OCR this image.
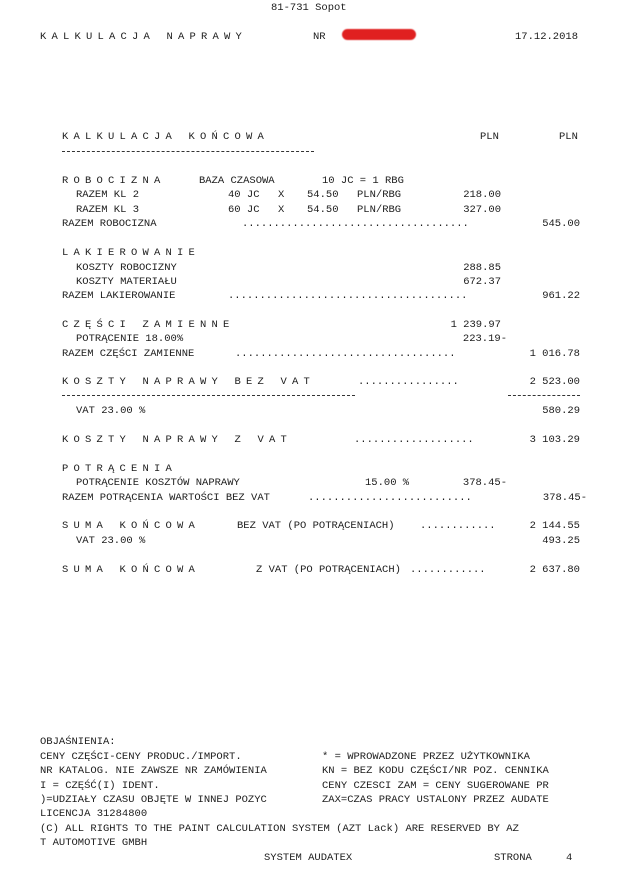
81-731 Sopot
KALKULACJA NAPRAWY	NR	17.12.2018
KALKULACJA KOŃCOWA	PLN	PLN
ROBOCIZNA	BAZA CZASOWA	10 JC = 1 RBG
RAZEM KL 2	40 JC X 54.50 PLN/RBG	218.00
RAZEM KL 3	60 JC X 54.50 PLN/RBG	327.00
RAZEM ROBOCIZNA	....................................	545.00
LAKIEROWANIE
KOSZTY ROBOCIZNY	288.85
KOSZTY MATERIAŁU	672.37
RAZEM LAKIEROWANIE	......................................	961.22
CZĘŚCI ZAMIENNE	1 239.97
POTRĄCENIE 18.00%	223.19-
RAZEM CZĘŚCI ZAMIENNE	...................................	1 016.78
KOSZTY NAPRAWY BEZ VAT	................	2 523.00
VAT 23.00 %	580.29
KOSZTY NAPRAWY Z VAT	...................	3 103.29
POTRĄCENIA
POTRĄCENIE KOSZTÓW NAPRAWY	15.00 %	378.45-
RAZEM POTRĄCENIA WARTOŚCI BEZ VAT	..........................	378.45-
SUMA KOŃCOWA	BEZ VAT (PO POTRĄCENIACH) ............	2 144.55
VAT 23.00 %	493.25
SUMA KOŃCOWA	Z VAT (PO POTRĄCENIACH) ............	2 637.80
OBJAŚNIENIA:
CENY CZĘŚCI-CENY PRODUC./IMPORT.	* = WPROWADZONE PRZEZ UŻYTKOWNIKA
NR KATALOG. NIE ZAWSZE NR ZAMÓWIENIA	KN = BEZ KODU CZĘŚCI/NR POZ. CENNIKA
I = CZĘŚĆ(I) IDENT.	CENY CZESCI ZAM = CENY SUGEROWANE PR
)=UDZIAŁY CZASU OBJĘTE W INNEJ POZYC	ZAX=CZAS PRACY USTALONY PRZEZ AUDATE
LICENCJA 31284800
(C) ALL RIGHTS TO THE PAINT CALCULATION SYSTEM (AZT Lack) ARE RESERVED BY AZ
T AUTOMOTIVE GMBH
SYSTEM AUDATEX	STRONA	4
